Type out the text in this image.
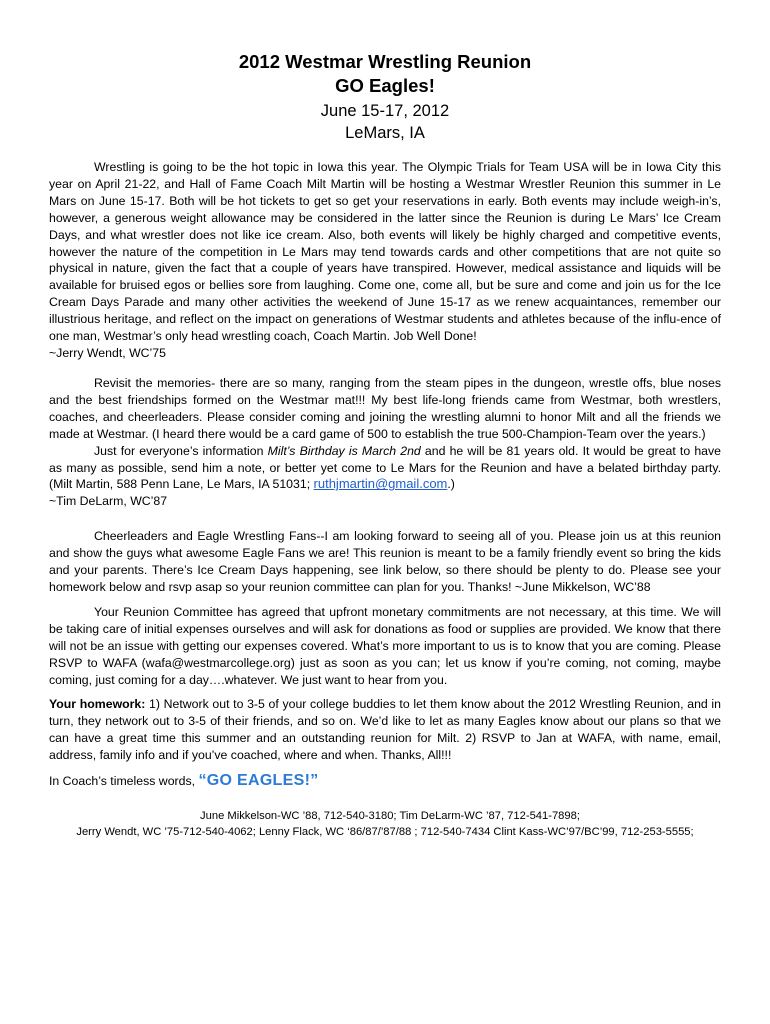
2012 Westmar Wrestling Reunion
GO Eagles!
June 15-17, 2012
LeMars, IA

Wrestling is going to be the hot topic in Iowa this year. The Olympic Trials for Team USA will be in Iowa City this year on April 21-22, and Hall of Fame Coach Milt Martin will be hosting a Westmar Wrestler Reunion this summer in Le Mars on June 15-17. Both will be hot tickets to get so get your reservations in early. Both events may include weigh-in’s, however, a generous weight allowance may be considered in the latter since the Reunion is during Le Mars’ Ice Cream Days, and what wrestler does not like ice cream. Also, both events will likely be highly charged and competitive events, however the nature of the competition in Le Mars may tend towards cards and other competitions that are not quite so physical in nature, given the fact that a couple of years have transpired. However, medical assistance and liquids will be available for bruised egos or bellies sore from laughing. Come one, come all, but be sure and come and join us for the Ice Cream Days Parade and many other activities the weekend of June 15-17 as we renew acquaintances, remember our illustrious heritage, and reflect on the impact on generations of Westmar students and athletes because of the influ-ence of one man, Westmar’s only head wrestling coach, Coach Martin. Job Well Done!

~Jerry Wendt, WC’75

Revisit the memories- there are so many, ranging from the steam pipes in the dungeon, wrestle offs, blue noses and the best friendships formed on the Westmar mat!!! My best life-long friends came from Westmar, both wrestlers, coaches, and cheerleaders. Please consider coming and joining the wrestling alumni to honor Milt and all the friends we made at Westmar. (I heard there would be a card game of 500 to establish the true 500-Champion-Team over the years.)

Just for everyone’s information Milt’s Birthday is March 2nd and he will be 81 years old. It would be great to have as many as possible, send him a note, or better yet come to Le Mars for the Reunion and have a belated birthday party. (Milt Martin, 588 Penn Lane, Le Mars, IA 51031; ruthjmartin@gmail.com.)

~Tim DeLarm, WC’87

Cheerleaders and Eagle Wrestling Fans--I am looking forward to seeing all of you. Please join us at this reunion and show the guys what awesome Eagle Fans we are! This reunion is meant to be a family friendly event so bring the kids and your parents. There’s Ice Cream Days happening, see link below, so there should be plenty to do. Please see your homework below and rsvp asap so your reunion committee can plan for you. Thanks! ~June Mikkelson, WC’88

Your Reunion Committee has agreed that upfront monetary commitments are not necessary, at this time. We will be taking care of initial expenses ourselves and will ask for donations as food or supplies are provided. We know that there will not be an issue with getting our expenses covered. What’s more important to us is to know that you are coming. Please RSVP to WAFA (wafa@westmarcollege.org) just as soon as you can; let us know if you’re coming, not coming, maybe coming, just coming for a day….whatever. We just want to hear from you.

Your homework: 1) Network out to 3-5 of your college buddies to let them know about the 2012 Wrestling Reunion, and in turn, they network out to 3-5 of their friends, and so on. We’d like to let as many Eagles know about our plans so that we can have a great time this summer and an outstanding reunion for Milt. 2) RSVP to Jan at WAFA, with name, email, address, family info and if you’ve coached, where and when. Thanks, All!!!

In Coach’s timeless words, “GO EAGLES!”
June Mikkelson-WC ’88, 712-540-3180; Tim DeLarm-WC ’87, 712-541-7898;
Jerry Wendt, WC ’75-712-540-4062; Lenny Flack, WC ‘86/87/’87/88 ; 712-540-7434 Clint Kass-WC’97/BC’99, 712-253-5555;
